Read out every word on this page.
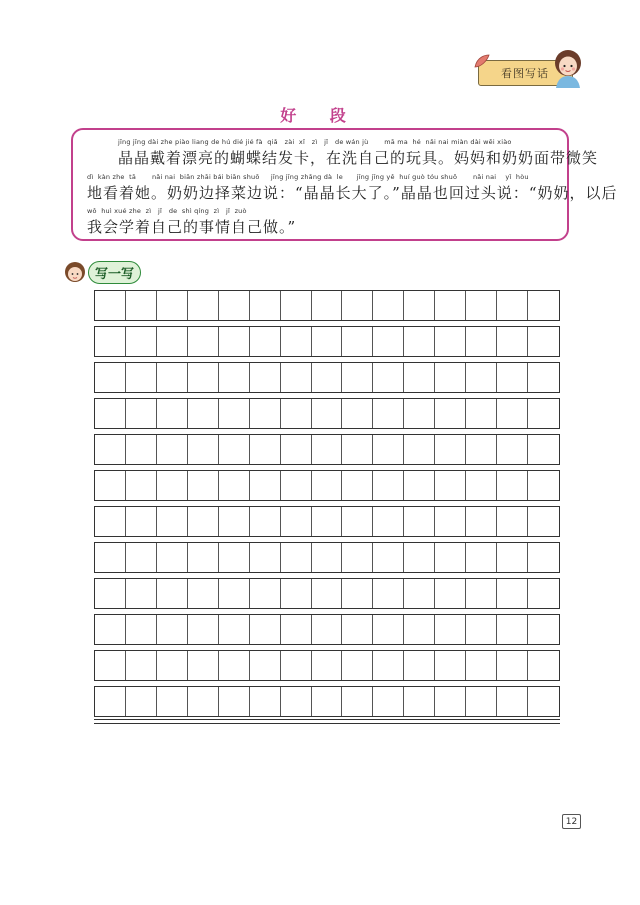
看图写话
好 段
jīng jīng dài zhe piào liang de hú dié jié fà  qiǎ   zài  xǐ   zì   jǐ   de wán jù       mā ma  hé  nǎi nai miàn dài wēi xiào
晶晶戴着漂亮的蝴蝶结发卡，在洗自己的玩具。妈妈和奶奶面带微笑
dì  kàn zhe  tā       nǎi nai  biān zhāi bái biān shuō     jīng jīng zhǎng dà  le      jīng jīng yě  huí guò tóu shuō       nǎi nai    yǐ  hòu
地看着她。奶奶边择菜边说：“晶晶长大了。”晶晶也回过头说：“奶奶，以后
wǒ  huì xué zhe  zì   jǐ   de  shì qíng  zì   jǐ  zuò
我会学着自己的事情自己做。”
写一写
12
